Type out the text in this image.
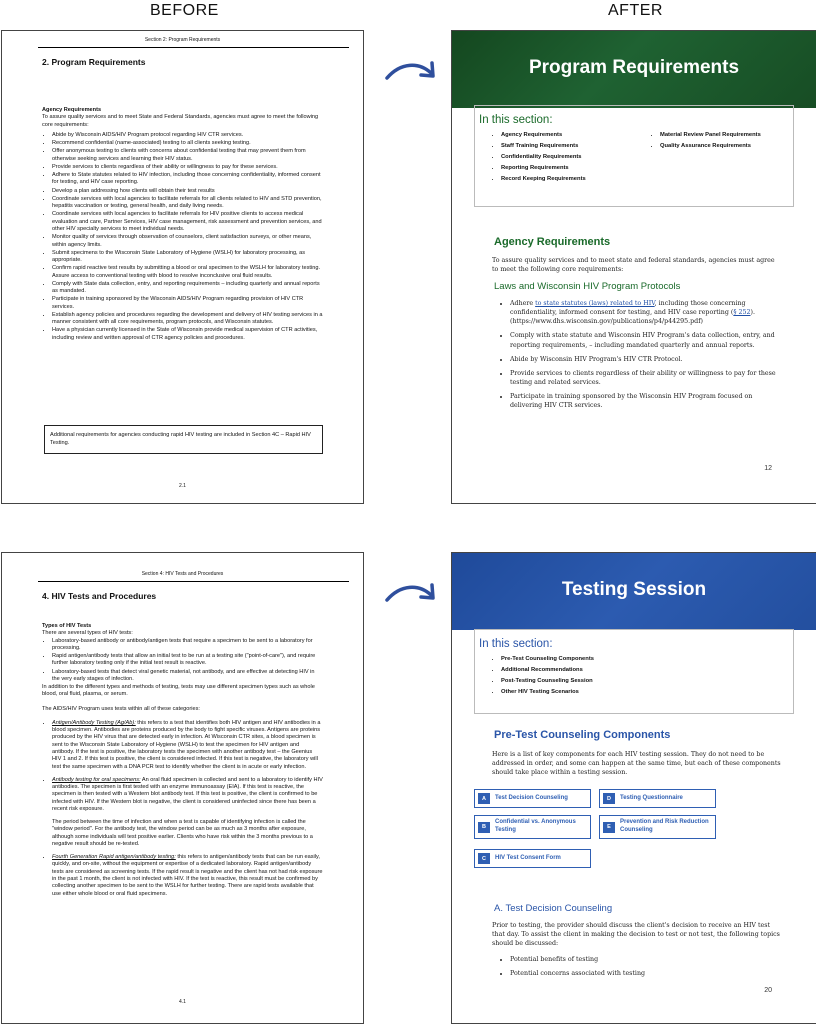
BEFORE	AFTER
Section 2: Program Requirements
2. Program Requirements

Agency Requirements

To assure quality services and to meet State and Federal Standards, agencies must agree to meet the following core requirements:

• Abide by Wisconsin AIDS/HIV Program protocol regarding HIV CTR services.
• Recommend confidential (name-associated) testing to all clients seeking testing.
• Offer anonymous testing to clients with concerns about confidential testing that may prevent them from otherwise seeking services and learning their HIV status.
• Provide services to clients regardless of their ability or willingness to pay for these services.
• Adhere to State statutes related to HIV infection, including those concerning confidentiality, informed consent for testing, and HIV case reporting.
• Develop a plan addressing how clients will obtain their test results
• Coordinate services with local agencies to facilitate referrals for all clients related to HIV and STD prevention, hepatitis vaccination or testing, general health, and daily living needs.
• Coordinate services with local agencies to facilitate referrals for HIV positive clients to access medical evaluation and care, Partner Services, HIV case management, risk assessment and prevention services, and other HIV specialty services to meet individual needs.
• Monitor quality of services through observation of counselors, client satisfaction surveys, or other means, within agency limits.
• Submit specimens to the Wisconsin State Laboratory of Hygiene (WSLH) for laboratory processing, as appropriate.
• Confirm rapid reactive test results by submitting a blood or oral specimen to the WSLH for laboratory testing. Assure access to conventional testing with blood to resolve inconclusive oral fluid results.
• Comply with State data collection, entry, and reporting requirements – including quarterly and annual reports as mandated.
• Participate in training sponsored by the Wisconsin AIDS/HIV Program regarding provision of HIV CTR services.
• Establish agency policies and procedures regarding the development and delivery of HIV testing services in a manner consistent with all core requirements, program protocols, and Wisconsin statutes.
• Have a physician currently licensed in the State of Wisconsin provide medical supervision of CTR activities, including review and written approval of CTR agency policies and procedures.
Additional requirements for agencies conducting rapid HIV testing are included in Section 4C – Rapid HIV Testing.
2.1
Program Requirements
In this section:
• Agency Requirements
• Staff Training Requirements
• Confidentiality Requirements
• Reporting Requirements
• Record Keeping Requirements
• Material Review Panel Requirements
• Quality Assurance Requirements
Agency Requirements
To assure quality services and to meet state and federal standards, agencies must agree to meet the following core requirements:
Laws and Wisconsin HIV Program Protocols
• Adhere to state statutes (laws) related to HIV, including those concerning confidentiality, informed consent for testing, and HIV case reporting (§ 252). (https://www.dhs.wisconsin.gov/publications/p4/p44295.pdf)
• Comply with state statute and Wisconsin HIV Program's data collection, entry, and reporting requirements, – including mandated quarterly and annual reports.
• Abide by Wisconsin HIV Program's HIV CTR Protocol.
• Provide services to clients regardless of their ability or willingness to pay for these testing and related services.
• Participate in training sponsored by the Wisconsin HIV Program focused on delivering HIV CTR services.
12
Section 4: HIV Tests and Procedures
4. HIV Tests and Procedures

Types of HIV Tests

There are several types of HIV tests:

• Laboratory-based antibody or antibody/antigen tests that require a specimen to be sent to a laboratory for processing.
• Rapid antigen/antibody tests that allow an initial test to be run at a testing site ("point-of-care"), and require further laboratory testing only if the initial test result is reactive.
• Laboratory-based tests that detect viral genetic material, not antibody, and are effective at detecting HIV in the very early stages of infection.

In addition to the different types and methods of testing, tests may use different specimen types such as whole blood, oral fluid, plasma, or serum.

The AIDS/HIV Program uses tests within all of these categories:

• Antigen/Antibody Testing (Ag/Ab): this refers to a test that identifies both HIV antigen and HIV antibodies in a blood specimen. Antibodies are proteins produced by the body to fight specific viruses. Antigens are proteins produced by the HIV virus that are detected early in infection. At Wisconsin CTR sites, a blood specimen is sent to the Wisconsin State Laboratory of Hygiene (WSLH) to test the specimen for HIV antigen and antibody. If the test is positive, the laboratory tests the specimen with another antibody test – the Geenius HIV 1 and 2. If this test is positive, the client is considered infected. If this test is negative, the laboratory will test the same specimen with a DNA PCR test to identify whether the client is in acute or early infection.
• Antibody testing for oral specimens: An oral fluid specimen is collected and sent to a laboratory to identify HIV antibodies. The specimen is first tested with an enzyme immunoassay (EIA). If this test is reactive, the specimen is then tested with a Western blot antibody test. If this test is positive, the client is confirmed to be infected with HIV. If the Western blot is negative, the client is considered uninfected since there has been a recent risk exposure.

The period between the time of infection and when a test is capable of identifying infection is called the "window period". For the antibody test, the window period can be as much as 3 months after exposure, although some individuals will test positive earlier. Clients who have risk within the 3 months previous to a negative result should be re-tested.

• Fourth Generation Rapid antigen/antibody testing: this refers to antigen/antibody tests that can be run easily, quickly, and on-site, without the equipment or expertise of a dedicated laboratory. Rapid antigen/antibody tests are considered as screening tests. If the rapid result is negative and the client has not had risk exposure in the past 1 month, the client is not infected with HIV. If the test is reactive, this result must be confirmed by collecting another specimen to be sent to the WSLH for further testing. There are rapid tests available that use either whole blood or oral fluid specimens.
4.1
Testing Session
In this section:
• Pre-Test Counseling Components
• Additional Recommendations
• Post-Testing Counseling Session
• Other HIV Testing Scenarios
Pre-Test Counseling Components
Here is a list of key components for each HIV testing session. They do not need to be addressed in order, and some can happen at the same time, but each of these components should take place within a testing session.
A	Test Decision Counseling	D	Testing Questionnaire
B
Confidential vs. Anonymous Testing	E
Prevention and Risk Reduction Counseling
C	HIV Test Consent Form
A. Test Decision Counseling
Prior to testing, the provider should discuss the client's decision to receive an HIV test that day. To assist the client in making the decision to test or not test, the following topics should be discussed:
• Potential benefits of testing
• Potential concerns associated with testing
20
